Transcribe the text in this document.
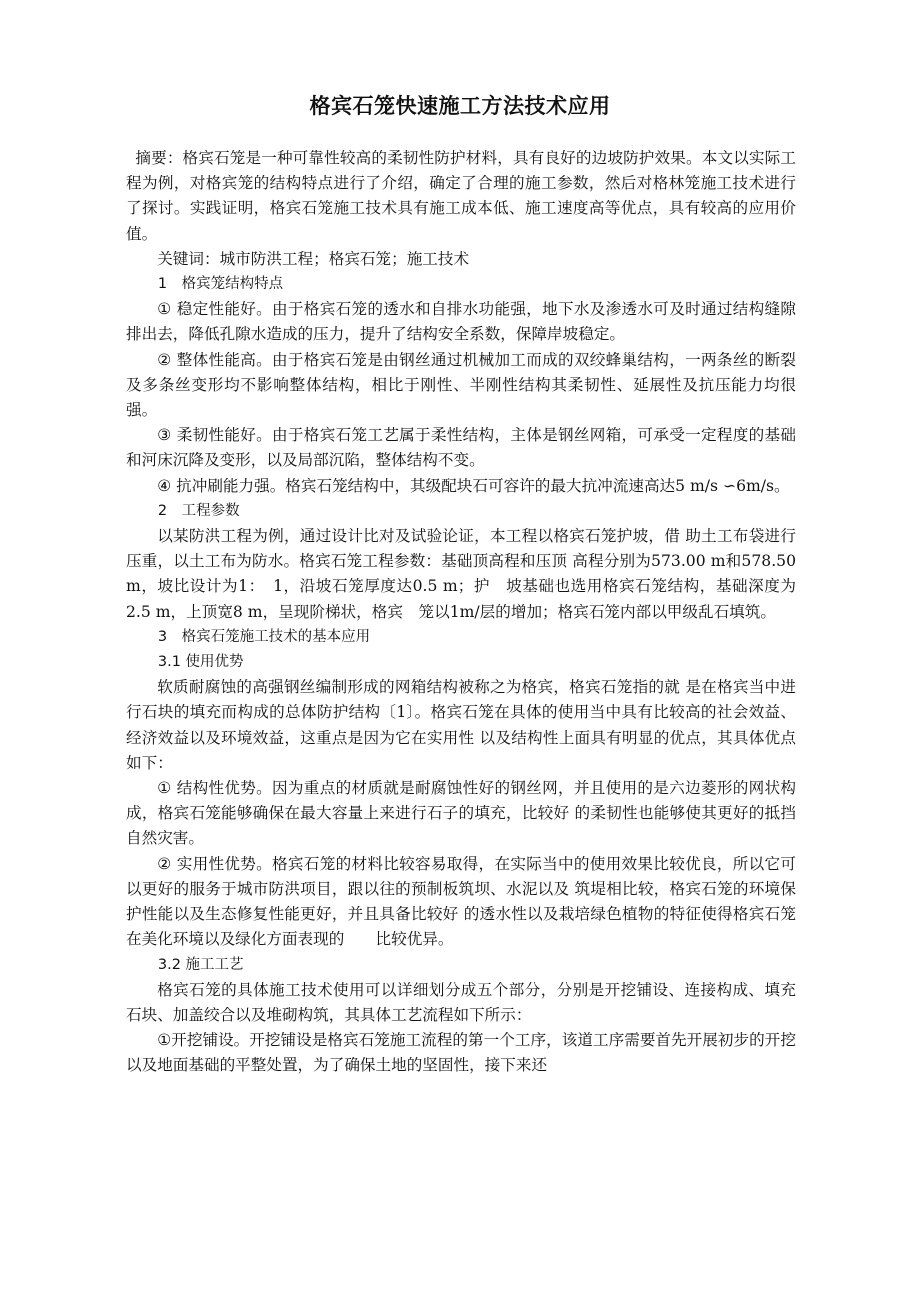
格宾石笼快速施工方法技术应用

摘要：格宾石笼是一种可靠性较高的柔韧性防护材料，具有良好的边坡防护效果。本文以实际工程为例，对格宾笼的结构特点进行了介绍，确定了合理的施工参数，然后对格林笼施工技术进行了探讨。实践证明，格宾石笼施工技术具有施工成本低、施工速度高等优点，具有较高的应用价值。

关键词：城市防洪工程；格宾石笼；施工技术

1　格宾笼结构特点

① 稳定性能好。由于格宾石笼的透水和自排水功能强，地下水及渗透水可及时通过结构缝隙排出去，降低孔隙水造成的压力，提升了结构安全系数，保障岸坡稳定。

② 整体性能高。由于格宾石笼是由钢丝通过机械加工而成的双绞蜂巢结构，一两条丝的断裂及多条丝变形均不影响整体结构，相比于刚性、半刚性结构其柔韧性、延展性及抗压能力均很强。

③ 柔韧性能好。由于格宾石笼工艺属于柔性结构，主体是钢丝网箱，可承受一定程度的基础和河床沉降及变形，以及局部沉陷，整体结构不变。

④ 抗冲刷能力强。格宾石笼结构中，其级配块石可容许的最大抗冲流速高达5 m/s ∽6m/s。

2　工程参数

以某防洪工程为例，通过设计比对及试验论证，本工程以格宾石笼护坡，借 助土工布袋进行压重，以土工布为防水。格宾石笼工程参数：基础顶高程和压顶 高程分别为573.00 m和578.50 m，坡比设计为1：　1，沿坡石笼厚度达0.5 m；护　坡基础也选用格宾石笼结构，基础深度为2.5 m，上顶宽8 m，呈现阶梯状，格宾　笼以1m/层的增加；格宾石笼内部以甲级乱石填筑。

3　格宾石笼施工技术的基本应用

3.1 使用优势

软质耐腐蚀的高强钢丝编制形成的网箱结构被称之为格宾，格宾石笼指的就 是在格宾当中进行石块的填充而构成的总体防护结构〔1〕。格宾石笼在具体的使用当中具有比较高的社会效益、经济效益以及环境效益，这重点是因为它在实用性 以及结构性上面具有明显的优点，其具体优点如下：

① 结构性优势。因为重点的材质就是耐腐蚀性好的钢丝网，并且使用的是六边菱形的网状构成，格宾石笼能够确保在最大容量上来进行石子的填充，比较好 的柔韧性也能够使其更好的抵挡自然灾害。

② 实用性优势。格宾石笼的材料比较容易取得，在实际当中的使用效果比较优良，所以它可以更好的服务于城市防洪项目，跟以往的预制板筑坝、水泥以及 筑堤相比较，格宾石笼的环境保护性能以及生态修复性能更好，并且具备比较好 的透水性以及栽培绿色植物的特征使得格宾石笼在美化环境以及绿化方面表现的　　比较优异。

3.2 施工工艺

格宾石笼的具体施工技术使用可以详细划分成五个部分，分别是开挖铺设、连接构成、填充石块、加盖绞合以及堆砌构筑，其具体工艺流程如下所示：

①开挖铺设。开挖铺设是格宾石笼施工流程的第一个工序，该道工序需要首先开展初步的开挖以及地面基础的平整处置，为了确保土地的坚固性，接下来还
